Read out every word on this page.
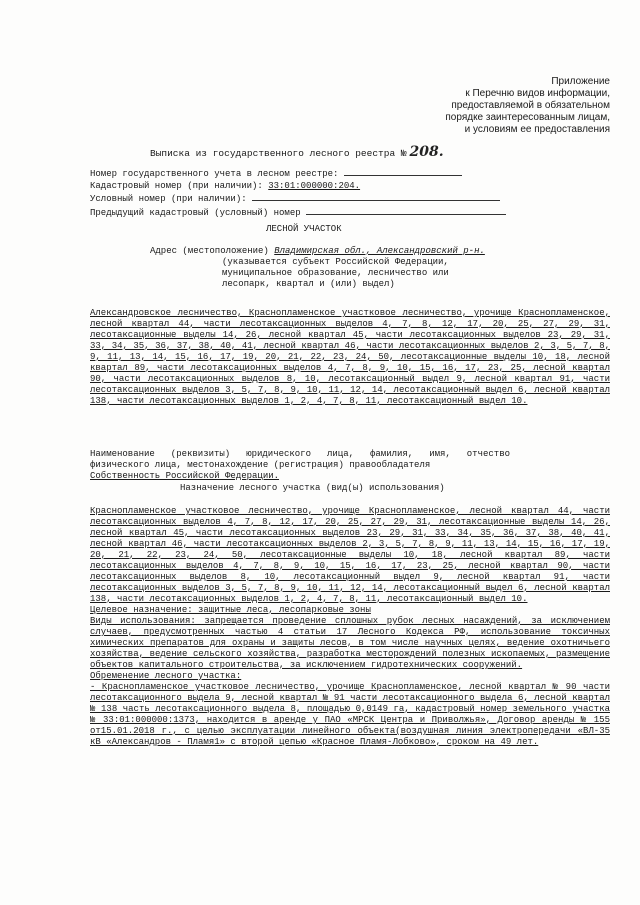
Приложение
к Перечню видов информации,
предоставляемой в обязательном
порядке заинтересованным лицам,
и условиям ее предоставления
Выписка из государственного лесного реестра № 208.
Номер государственного учета в лесном реестре:
Кадастровый номер (при наличии): 33:01:000000:204.
Условный номер (при наличии):
Предыдущий кадастровый (условный) номер
ЛЕСНОЙ УЧАСТОК
Адрес (местоположение) Владимирская обл., Александровский р-н.
(указывается субъект Российской Федерации,
муниципальное образование, лесничество или
лесопарк, квартал и (или) выдел)
Александровское лесничество, Краснопламенское участковое лесничество, урочище Краснопламенское, лесной квартал 44, части лесотаксационных выделов 4, 7, 8, 12, 17, 20, 25, 27, 29, 31, лесотаксационные выделы 14, 26, лесной квартал 45, части лесотаксационных выделов 23, 29, 31, 33, 34, 35, 36, 37, 38, 40, 41, лесной квартал 46, части лесотаксационных выделов 2, 3, 5, 7, 8, 9, 11, 13, 14, 15, 16, 17, 19, 20, 21, 22, 23, 24, 50, лесотаксационные выделы 10, 18, лесной квартал 89, части лесотаксационных выделов 4, 7, 8, 9, 10, 15, 16, 17, 23, 25, лесной квартал 90, части лесотаксационных выделов 8, 10, лесотаксационный выдел 9, лесной квартал 91, части лесотаксационных выделов 3, 5, 7, 8, 9, 10, 11, 12, 14, лесотаксационный выдел 6, лесной квартал 138, части лесотаксационных выделов 1, 2, 4, 7, 8, 11, лесотаксационный выдел 10.
Наименование (реквизиты) юридического лица, фамилия, имя, отчество физического лица, местонахождение (регистрация) правообладателя
Собственность Российской Федерации.
Назначение лесного участка (вид(ы) использования)

Краснопламенское участковое лесничество, урочище Краснопламенское, лесной квартал 44, части лесотаксационных выделов 4, 7, 8, 12, 17, 20, 25, 27, 29, 31, лесотаксационные выделы 14, 26, лесной квартал 45, части лесотаксационных выделов 23, 29, 31, 33, 34, 35, 36, 37, 38, 40, 41, лесной квартал 46, части лесотаксационных выделов 2, 3, 5, 7, 8, 9, 11, 13, 14, 15, 16, 17, 19, 20, 21, 22, 23, 24, 50, лесотаксационные выделы 10, 18, лесной квартал 89, части лесотаксационных выделов 4, 7, 8, 9, 10, 15, 16, 17, 23, 25, лесной квартал 90, части лесотаксационных выделов 8, 10, лесотаксационный выдел 9, лесной квартал 91, части лесотаксационных выделов 3, 5, 7, 8, 9, 10, 11, 12, 14, лесотаксационный выдел 6, лесной квартал 138, части лесотаксационных выделов 1, 2, 4, 7, 8, 11, лесотаксационный выдел 10.

Целевое назначение: защитные леса, лесопарковые зоны

Виды использования: запрещается проведение сплошных рубок лесных насаждений, за исключением случаев, предусмотренных частью 4 статьи 17 Лесного Кодекса РФ, использование токсичных химических препаратов для охраны и защиты лесов, в том числе научных целях, ведение охотничьего хозяйства, ведение сельского хозяйства, разработка месторождений полезных ископаемых, размещение объектов капитального строительства, за исключением гидротехнических сооружений.

Обременение лесного участка:

- Краснопламенское участковое лесничество, урочище Краснопламенское, лесной квартал № 90 части лесотаксационного выдела 9, лесной квартал № 91 части лесотаксационного выдела 6, лесной квартал № 138 часть лесотаксационного выдела 8, площадью 0,0149 га, кадастровый номер земельного участка № 33:01:000000:1373, находится в аренде у ПАО «МРСК Центра и Приволжья», Договор аренды № 155 от15.01.2018 г., с целью эксплуатации линейного объекта(воздушная линия электропередачи «ВЛ-35 кВ «Александров - Пламя1» с второй цепью «Красное Пламя-Лобково», сроком на 49 лет.
